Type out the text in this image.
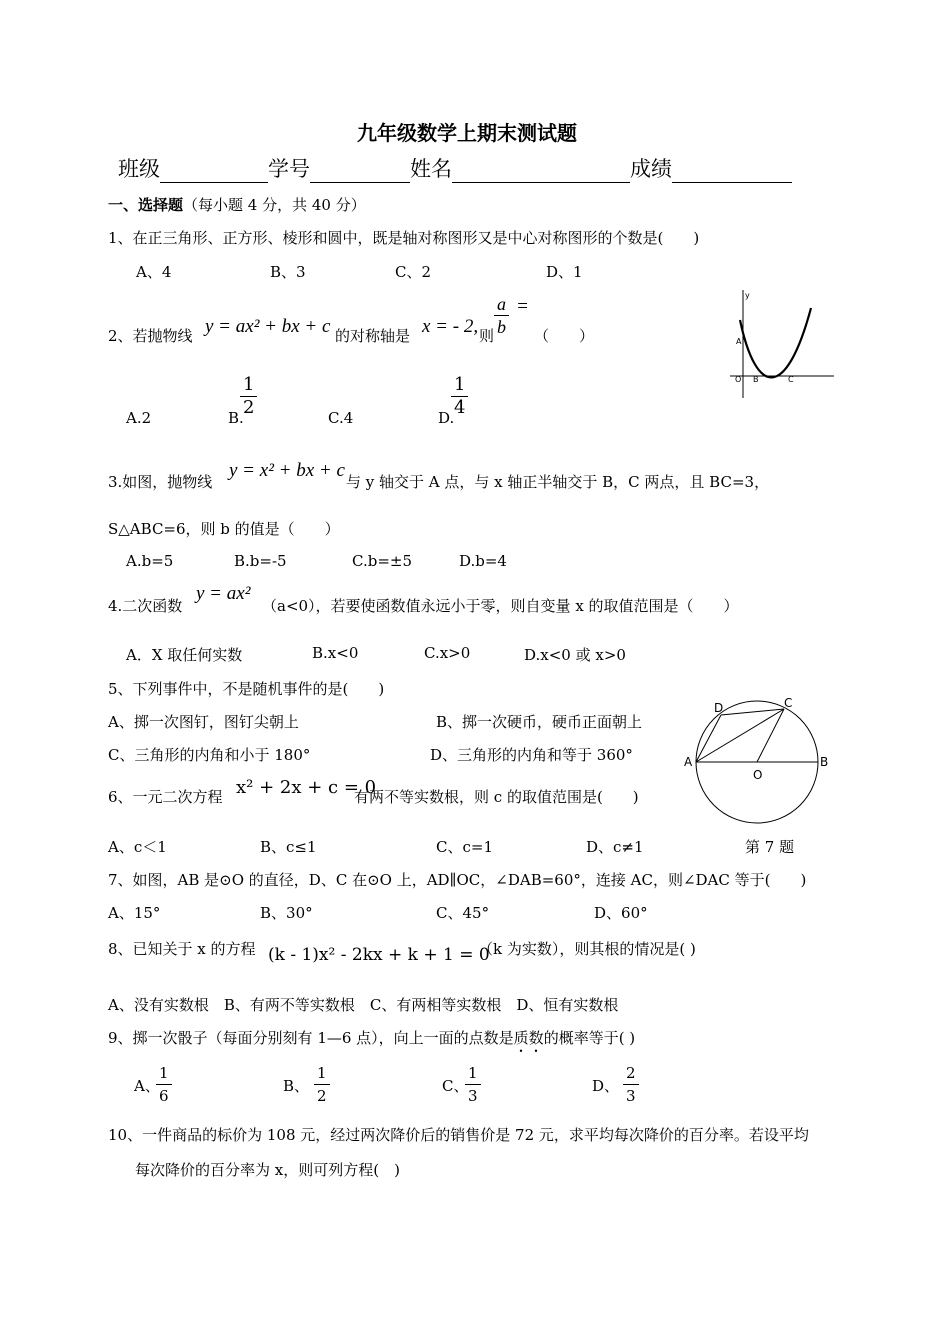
九年级数学上期末测试题
班级	学号	姓名	成绩
一、选择题（每小题 4 分，共 40 分）
1、在正三角形、正方形、棱形和圆中，既是轴对称图形又是中心对称图形的个数是(　　)
A、4	B、3	C、2	D、1
2、若抛物线 y = ax² + bx + c 的对称轴是 x = - 2, 则 $\frac{a}{b}$ =
（　　）
A.2	B.
$\frac{1}{2}$	C.4	D.
$\frac{1}{4}$
y
A
O B	C
3.如图，抛物线
y = x² + bx + c
与 y 轴交于 A 点，与 x 轴正半轴交于 B，C 两点，且 BC=3，
S△ABC=6，则 b 的值是（　　）
A.b=5	B.b=-5	C.b=±5	D.b=4
4.二次函数
y = ax²
（a<0），若要使函数值永远小于零，则自变量 x 的取值范围是（　　）
A．X 取任何实数	B.x<0	C.x>0	D.x<0 或 x>0
5、下列事件中，不是随机事件的是(　　)
A、掷一次图钉，图钉尖朝上	B、掷一次硬币，硬币正面朝上
C、三角形的内角和小于 180°	D、三角形的内角和等于 360°	A	B
C
D
O
第 7 题
6、一元二次方程 x² + 2x + c = 0
有两不等实数根，则 c 的取值范围是(　　)
A、c＜1	B、c≤1	C、c=1	D、c≠1
7、如图，AB 是⊙O 的直径，D、C 在⊙O 上，AD∥OC，∠DAB=60°，连接 AC，则∠DAC 等于(　　)
A、15°	B、30°	C、45°	D、60°
8、已知关于 x 的方程 (k - 1)x² - 2kx + k + 1 = 0
（k 为实数），则其根的情况是( )
A、没有实数根　B、有两不等实数根　C、有两相等实数根　D、恒有实数根
9、掷一次骰子（每面分别刻有 1—6 点），向上一面的点数是质数的概率等于( )
A、
$\frac{1}{6}$	B、 $\frac{1}{2}$	C、
$\frac{1}{3}$	D、 $\frac{2}{3}$
10、一件商品的标价为 108 元，经过两次降价后的销售价是 72 元，求平均每次降价的百分率。若设平均
每次降价的百分率为 x，则可列方程(　)
